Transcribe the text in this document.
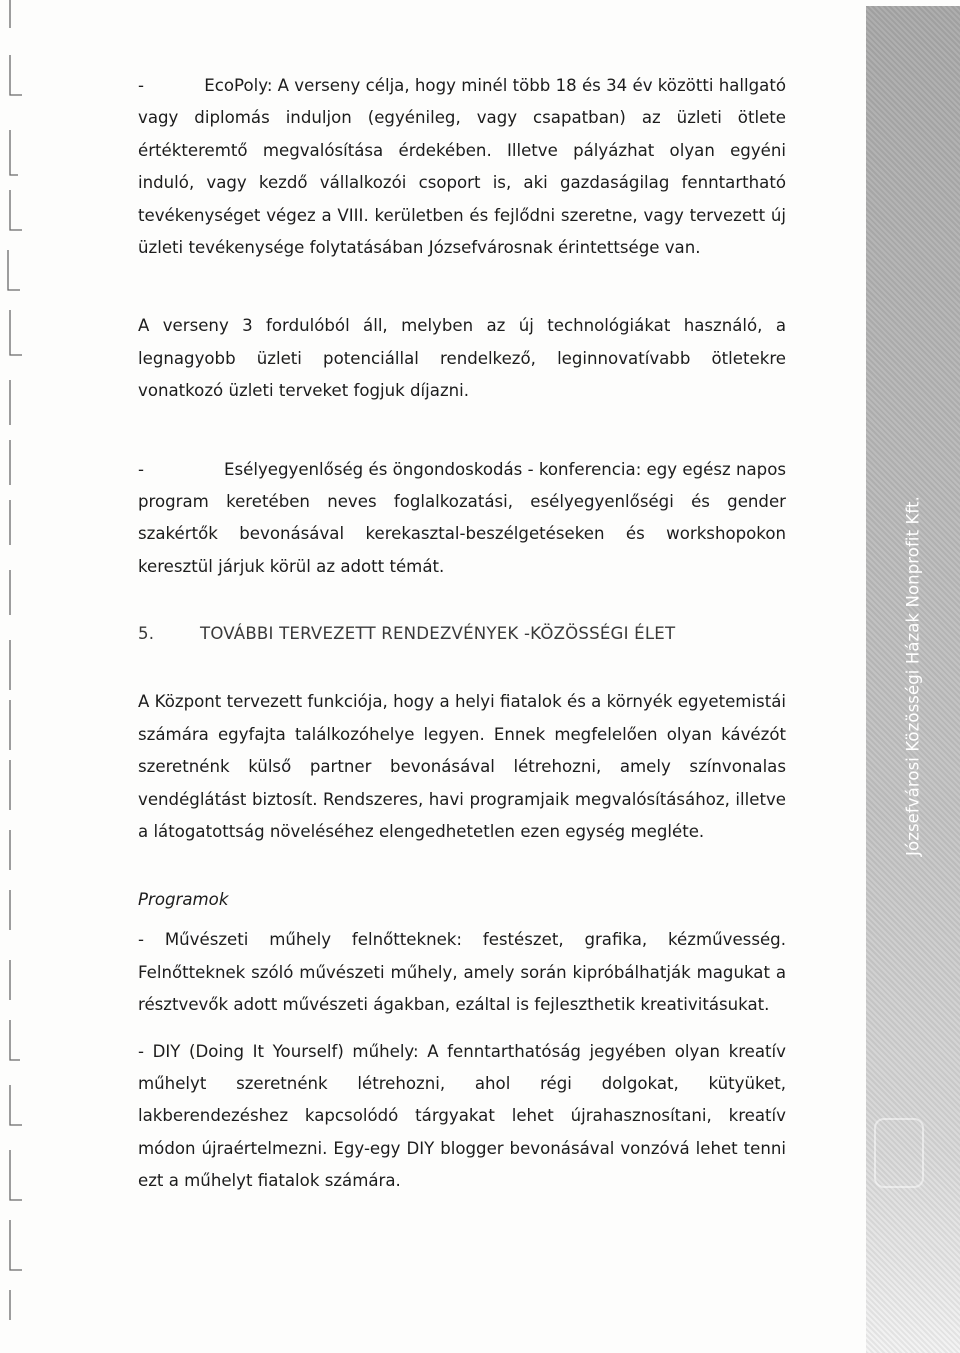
Józsefvárosi Közösségi Házak Nonprofit Kft.

-	EcoPoly: A verseny célja, hogy minél több 18 és 34 év közötti hallgató

vagy diplomás induljon (egyénileg, vagy csapatban) az üzleti ötlete értékteremtő megvalósítása érdekében. Illetve pályázhat olyan egyéni induló, vagy kezdő vállalkozói csoport is, aki gazdaságilag fenntartható tevékenységet végez a VIII. kerületben és fejlődni szeretne, vagy tervezett új üzleti tevékenysége folytatásában Józsefvárosnak érintettsége van.

A verseny 3 fordulóból áll, melyben az új technológiákat használó, a legnagyobb üzleti potenciállal rendelkező, leginnovatívabb ötletekre vonatkozó üzleti terveket fogjuk díjazni.

-	Esélyegyenlőség és öngondoskodás - konferencia: egy egész napos

program keretében neves foglalkozatási, esélyegyenlőségi és gender szakértők bevonásával kerekasztal-beszélgetéseken és workshopokon keresztül járjuk körül az adott témát.

5.	TOVÁBBI TERVEZETT RENDEZVÉNYEK -KÖZÖSSÉGI ÉLET

A Központ tervezett funkciója, hogy a helyi fiatalok és a környék egyetemistái számára egyfajta találkozóhelye legyen. Ennek megfelelően olyan kávézót szeretnénk külső partner bevonásával létrehozni, amely színvonalas vendéglátást biztosít. Rendszeres, havi programjaik megvalósításához, illetve a látogatottság növeléséhez elengedhetetlen ezen egység megléte.

Programok

- Művészeti műhely felnőtteknek: festészet, grafika, kézművesség. Felnőtteknek szóló művészeti műhely, amely során kipróbálhatják magukat a résztvevők adott művészeti ágakban, ezáltal is fejleszthetik kreativitásukat.

- DIY (Doing It Yourself) műhely: A fenntarthatóság jegyében olyan kreatív műhelyt szeretnénk létrehozni, ahol régi dolgokat, kütyüket, lakberendezéshez kapcsolódó tárgyakat lehet újrahasznosítani, kreatív módon újraértelmezni. Egy-egy DIY blogger bevonásával vonzóvá lehet tenni ezt a műhelyt fiatalok számára.
